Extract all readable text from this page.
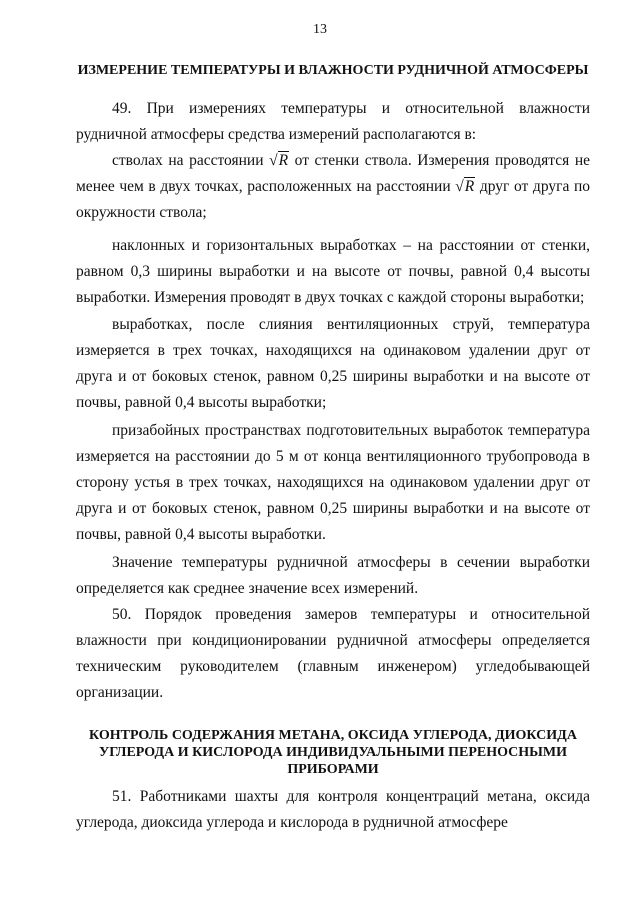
13
ИЗМЕРЕНИЕ ТЕМПЕРАТУРЫ И ВЛАЖНОСТИ РУДНИЧНОЙ АТМОСФЕРЫ

49. При измерениях температуры и относительной влажности рудничной атмосферы средства измерений располагаются в:

стволах на расстоянии √R от стенки ствола. Измерения проводятся не менее чем в двух точках, расположенных на расстоянии √R друг от друга по окружности ствола;

наклонных и горизонтальных выработках – на расстоянии от стенки, равном 0,3 ширины выработки и на высоте от почвы, равной 0,4 высоты выработки. Измерения проводят в двух точках с каждой стороны выработки;

выработках, после слияния вентиляционных струй, температура измеряется в трех точках, находящихся на одинаковом удалении друг от друга и от боковых стенок, равном 0,25 ширины выработки и на высоте от почвы, равной 0,4 высоты выработки;

призабойных пространствах подготовительных выработок температура измеряется на расстоянии до 5 м от конца вентиляционного трубопровода в сторону устья в трех точках, находящихся на одинаковом удалении друг от друга и от боковых стенок, равном 0,25 ширины выработки и на высоте от почвы, равной 0,4 высоты выработки.

Значение температуры рудничной атмосферы в сечении выработки определяется как среднее значение всех измерений.

50. Порядок проведения замеров температуры и относительной влажности при кондиционировании рудничной атмосферы определяется техническим руководителем (главным инженером) угледобывающей организации.

КОНТРОЛЬ СОДЕРЖАНИЯ МЕТАНА, ОКСИДА УГЛЕРОДА, ДИОКСИДА УГЛЕРОДА И КИСЛОРОДА ИНДИВИДУАЛЬНЫМИ ПЕРЕНОСНЫМИ ПРИБОРАМИ

51. Работниками шахты для контроля концентраций метана, оксида углерода, диоксида углерода и кислорода в рудничной атмосфере
